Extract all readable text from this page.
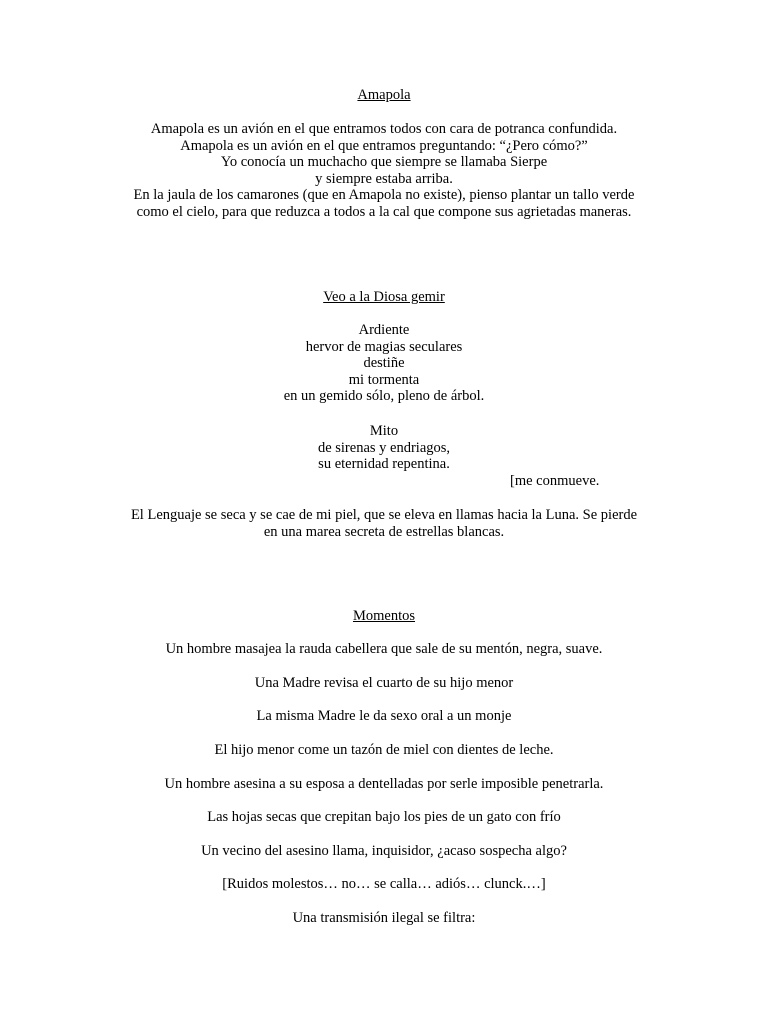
Amapola
Amapola es un avión en el que entramos todos con cara de potranca confundida.
Amapola es un avión en el que entramos preguntando: “¿Pero cómo?”
Yo conocía un muchacho que siempre se llamaba Sierpe
y siempre estaba arriba.
En la jaula de los camarones (que en Amapola no existe), pienso plantar un tallo verde
como el cielo, para que reduzca a todos a la cal que compone sus agrietadas maneras.
Veo a la Diosa gemir
Ardiente
hervor de magias seculares
destiñe
mi tormenta
en un gemido sólo, pleno de árbol.
Mito
de sirenas y endriagos,
su eternidad repentina.
[me conmueve.
El Lenguaje se seca y se cae de mi piel, que se eleva en llamas hacia la Luna. Se pierde
en una marea secreta de estrellas blancas.
Momentos
Un hombre masajea la rauda cabellera que sale de su mentón, negra, suave.
Una Madre revisa el cuarto de su hijo menor
La misma Madre le da sexo oral a un monje
El hijo menor come un tazón de miel con dientes de leche.
Un hombre asesina a su esposa a dentelladas por serle imposible penetrarla.
Las hojas secas que crepitan bajo los pies de un gato con frío
Un vecino del asesino llama, inquisidor, ¿acaso sospecha algo?
[Ruidos molestos… no… se calla… adiós… clunck.…]
Una transmisión ilegal se filtra:
